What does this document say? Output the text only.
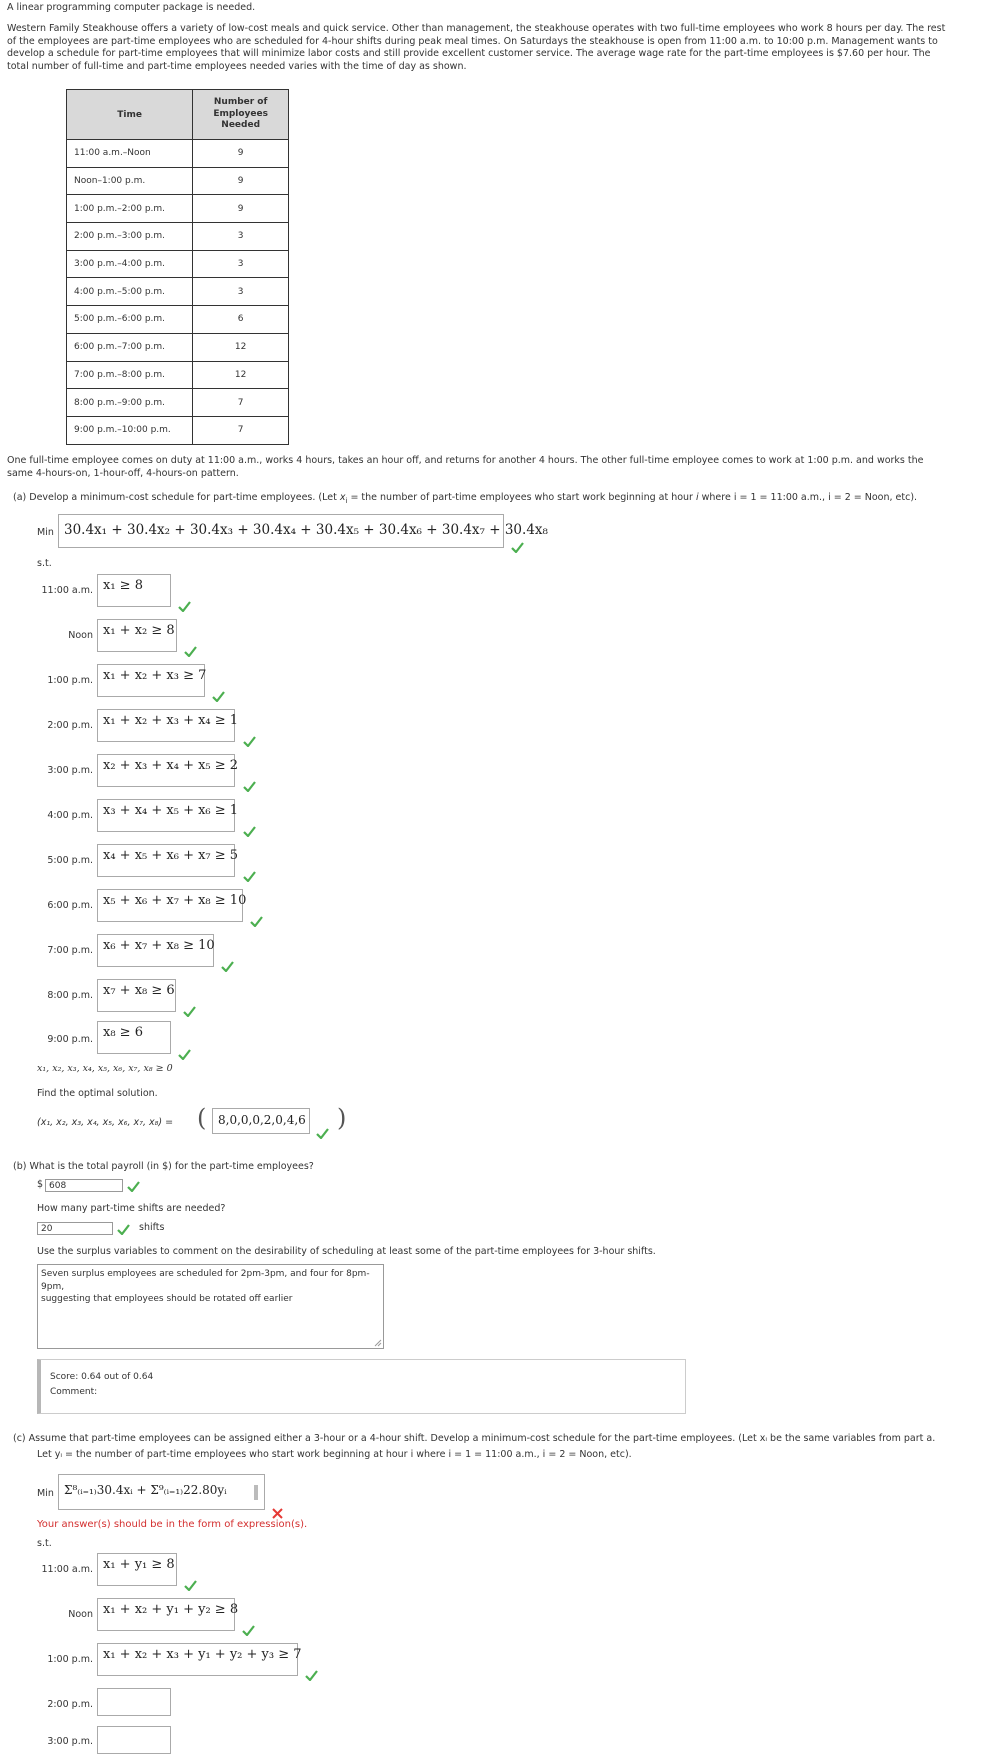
A linear programming computer package is needed.
Western Family Steakhouse offers a variety of low-cost meals and quick service. Other than management, the steakhouse operates with two full-time employees who work 8 hours per day. The rest
of the employees are part-time employees who are scheduled for 4-hour shifts during peak meal times. On Saturdays the steakhouse is open from 11:00 a.m. to 10:00 p.m. Management wants to
develop a schedule for part-time employees that will minimize labor costs and still provide excellent customer service. The average wage rate for the part-time employees is $7.60 per hour. The
total number of full-time and part-time employees needed varies with the time of day as shown.
Time	Number of
Employees
Needed

11:00 a.m.–Noon	9
Noon–1:00 p.m.	9
1:00 p.m.–2:00 p.m.	9
2:00 p.m.–3:00 p.m.	3
3:00 p.m.–4:00 p.m.	3
4:00 p.m.–5:00 p.m.	3
5:00 p.m.–6:00 p.m.	6
6:00 p.m.–7:00 p.m.	12
7:00 p.m.–8:00 p.m.	12
8:00 p.m.–9:00 p.m.	7
9:00 p.m.–10:00 p.m.	7
One full-time employee comes on duty at 11:00 a.m., works 4 hours, takes an hour off, and returns for another 4 hours. The other full-time employee comes to work at 1:00 p.m. and works the
same 4-hours-on, 1-hour-off, 4-hours-on pattern.
(a) Develop a minimum-cost schedule for part-time employees. (Let $x_i$ = the number of part-time employees who start work beginning at hour i where i = 1 = 11:00 a.m., i = 2 = Noon, etc).
Min 30.4x₁ + 30.4x₂ + 30.4x₃ + 30.4x₄ + 30.4x₅ + 30.4x₆ + 30.4x₇ + 30.4x₈
s.t.
11:00 a.m. x₁ ≥ 8
Noon x₁ + x₂ ≥ 8
1:00 p.m. x₁ + x₂ + x₃ ≥ 7
2:00 p.m. x₁ + x₂ + x₃ + x₄ ≥ 1
3:00 p.m. x₂ + x₃ + x₄ + x₅ ≥ 2
4:00 p.m. x₃ + x₄ + x₅ + x₆ ≥ 1
5:00 p.m. x₄ + x₅ + x₆ + x₇ ≥ 5
6:00 p.m. x₅ + x₆ + x₇ + x₈ ≥ 10
7:00 p.m. x₆ + x₇ + x₈ ≥ 10
8:00 p.m. x₇ + x₈ ≥ 6
9:00 p.m. x₈ ≥ 6
x₁, x₂, x₃, x₄, x₅, x₆, x₇, x₈ ≥ 0
Find the optimal solution.
(x₁, x₂, x₃, x₄, x₅, x₆, x₇, x₈) = ( 8,0,0,0,2,0,4,6 )
(b) What is the total payroll (in $) for the part-time employees?
$ 608
How many part-time shifts are needed?
20	shifts
Use the surplus variables to comment on the desirability of scheduling at least some of the part-time employees for 3-hour shifts.
Seven surplus employees are scheduled for 2pm-3pm, and four for 8pm-9pm,
suggesting that employees should be rotated off earlier
Score: 0.64 out of 0.64
Comment:
(c) Assume that part-time employees can be assigned either a 3-hour or a 4-hour shift. Develop a minimum-cost schedule for the part-time employees. (Let xᵢ be the same variables from part a.
Let yᵢ = the number of part-time employees who start work beginning at hour i where i = 1 = 11:00 a.m., i = 2 = Noon, etc).
Min Σ⁸₍ᵢ₌₁₎30.4xᵢ + Σ⁹₍ᵢ₌₁₎22.80yᵢ
Your answer(s) should be in the form of expression(s).
s.t.
11:00 a.m. x₁ + y₁ ≥ 8
Noon x₁ + x₂ + y₁ + y₂ ≥ 8
1:00 p.m. x₁ + x₂ + x₃ + y₁ + y₂ + y₃ ≥ 7
2:00 p.m.
3:00 p.m.
